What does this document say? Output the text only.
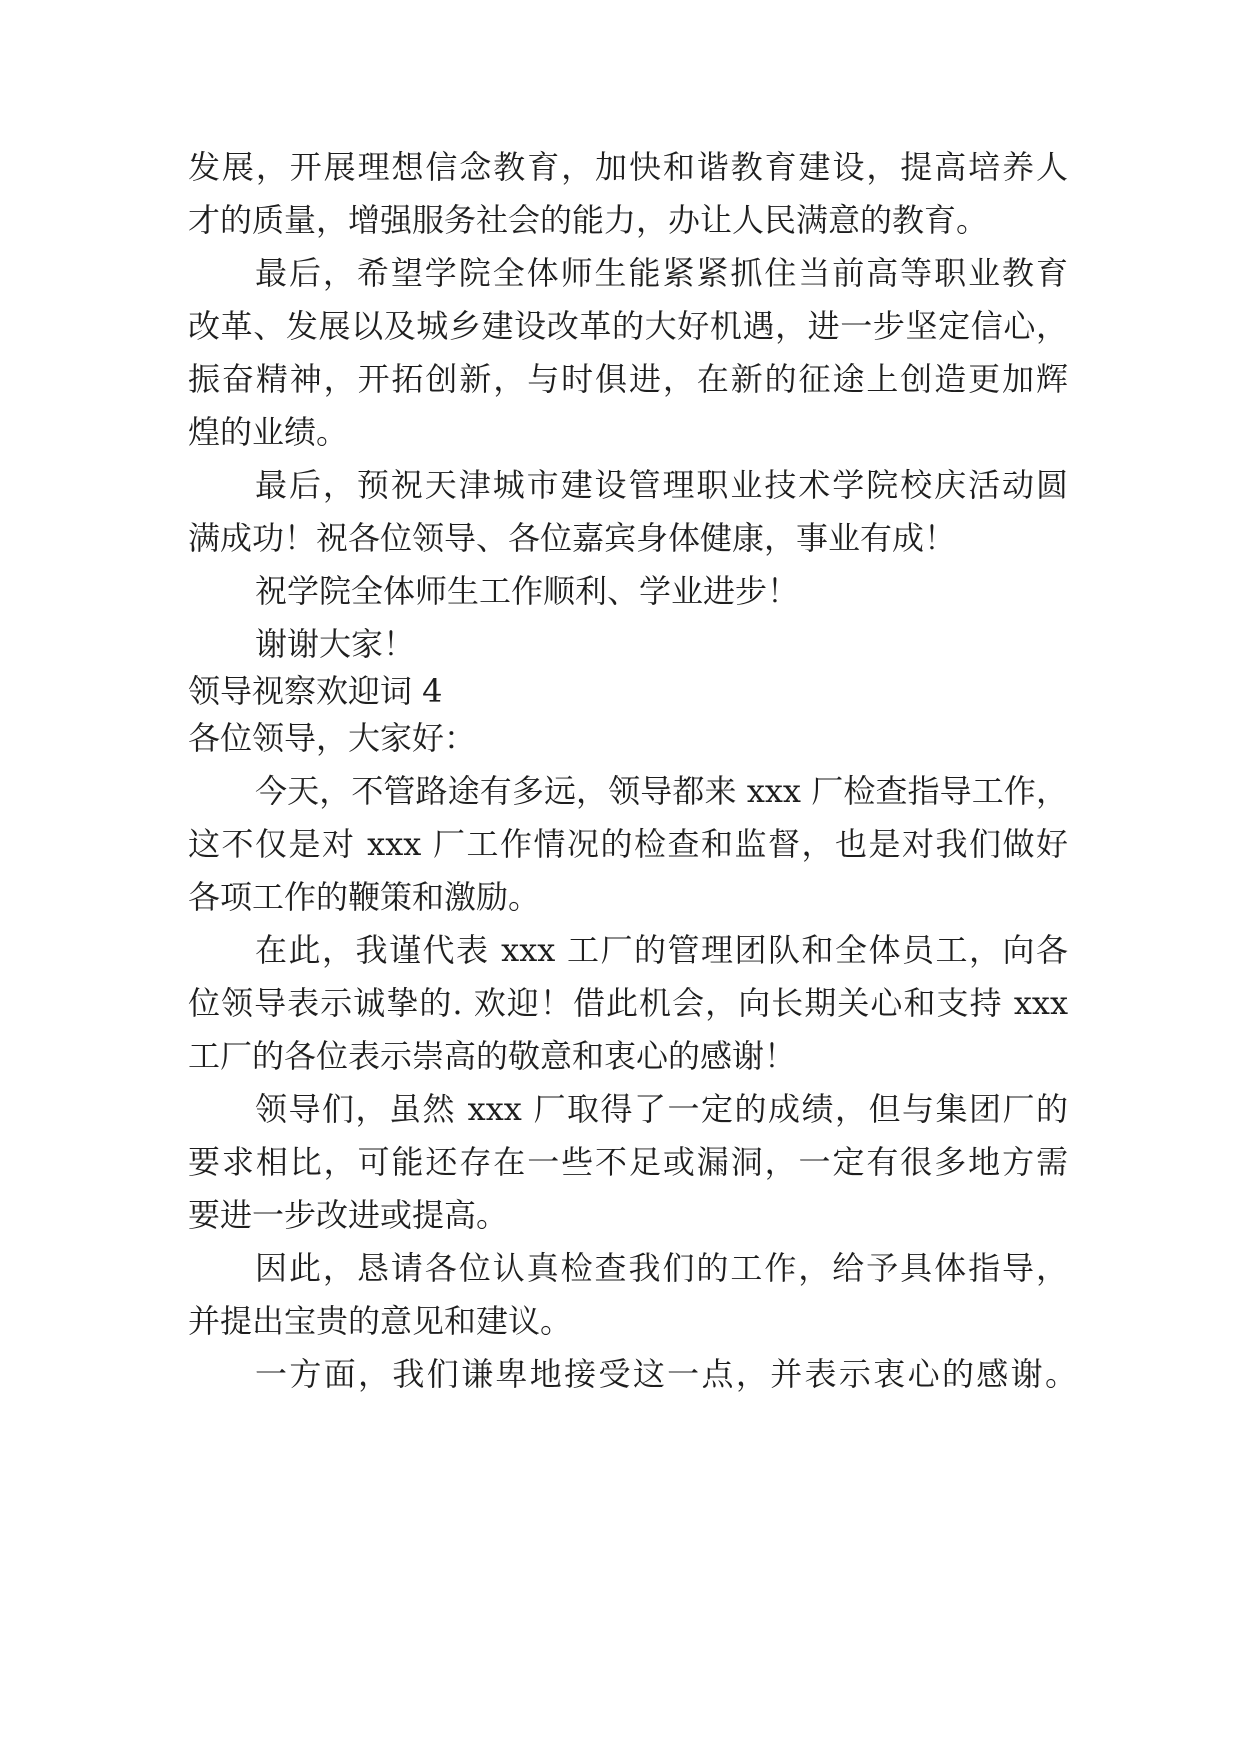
发展，开展理想信念教育，加快和谐教育建设，提高培养人

才的质量，增强服务社会的能力，办让人民满意的教育。

最后，希望学院全体师生能紧紧抓住当前高等职业教育

改革、发展以及城乡建设改革的大好机遇，进一步坚定信心，

振奋精神，开拓创新，与时俱进，在新的征途上创造更加辉

煌的业绩。

最后，预祝天津城市建设管理职业技术学院校庆活动圆

满成功！祝各位领导、各位嘉宾身体健康，事业有成！

祝学院全体师生工作顺利、学业进步！

谢谢大家！

领导视察欢迎词 4

各位领导，大家好：

今天，不管路途有多远，领导都来 xxx 厂检查指导工作，

这不仅是对 xxx 厂工作情况的检查和监督，也是对我们做好

各项工作的鞭策和激励。

在此，我谨代表 xxx 工厂的管理团队和全体员工，向各

位领导表示诚挚的. 欢迎！借此机会，向长期关心和支持 xxx

工厂的各位表示崇高的敬意和衷心的感谢！

领导们，虽然 xxx 厂取得了一定的成绩，但与集团厂的

要求相比，可能还存在一些不足或漏洞，一定有很多地方需

要进一步改进或提高。

因此，恳请各位认真检查我们的工作，给予具体指导，

并提出宝贵的意见和建议。

一方面，我们谦卑地接受这一点，并表示衷心的感谢。
